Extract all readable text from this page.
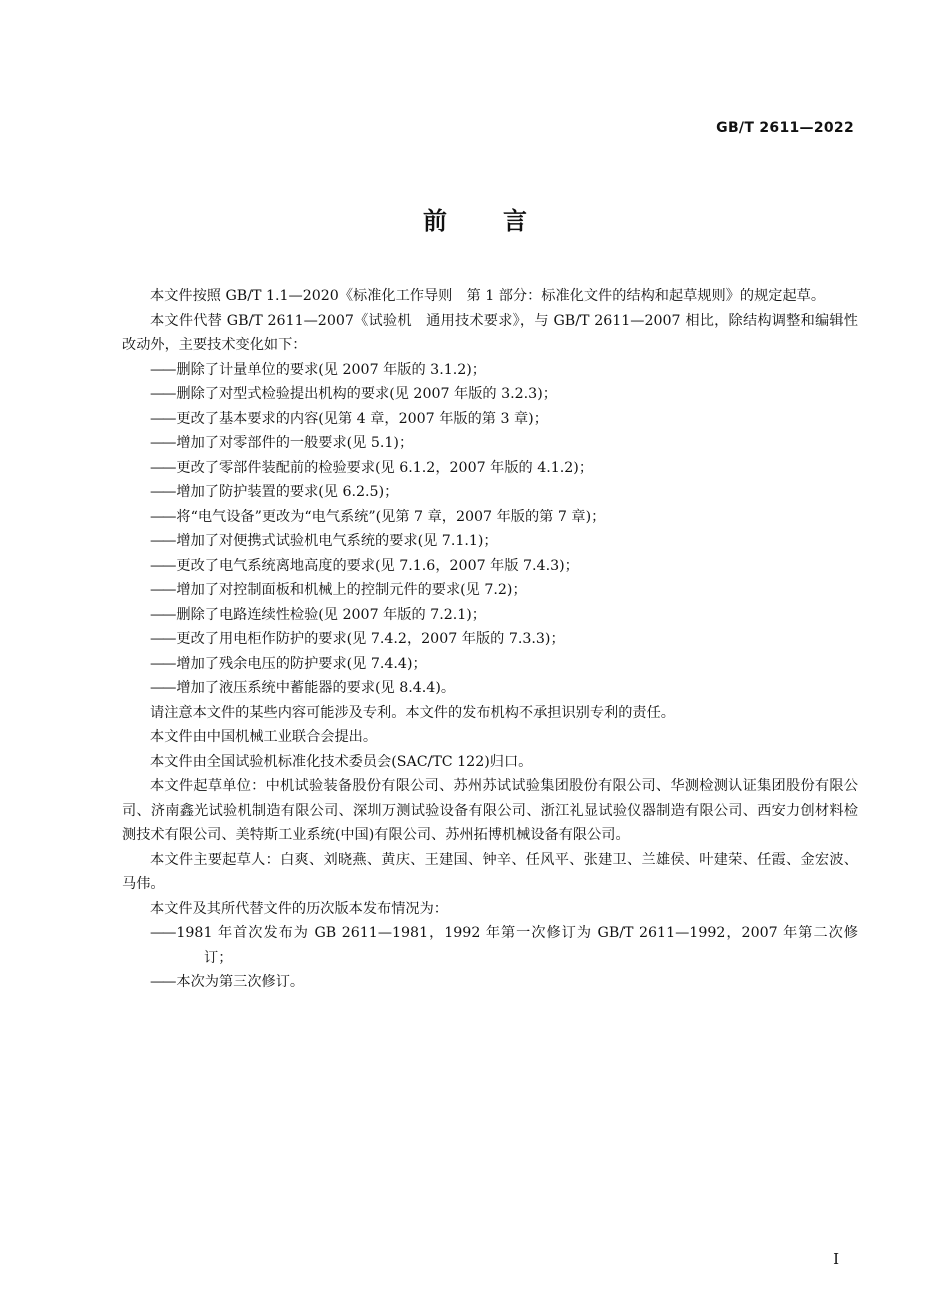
GB/T 2611—2022
前言

本文件按照 GB/T 1.1—2020《标准化工作导则　第 1 部分：标准化文件的结构和起草规则》的规定起草。

本文件代替 GB/T 2611—2007《试验机　通用技术要求》，与 GB/T 2611—2007 相比，除结构调整和编辑性改动外，主要技术变化如下：

—— 删除了计量单位的要求(见 2007 年版的 3.1.2)；
—— 删除了对型式检验提出机构的要求(见 2007 年版的 3.2.3)；
—— 更改了基本要求的内容(见第 4 章，2007 年版的第 3 章)；
—— 增加了对零部件的一般要求(见 5.1)；
—— 更改了零部件装配前的检验要求(见 6.1.2，2007 年版的 4.1.2)；
—— 增加了防护装置的要求(见 6.2.5)；
—— 将“电气设备”更改为“电气系统”(见第 7 章，2007 年版的第 7 章)；
—— 增加了对便携式试验机电气系统的要求(见 7.1.1)；
—— 更改了电气系统离地高度的要求(见 7.1.6，2007 年版 7.4.3)；
—— 增加了对控制面板和机械上的控制元件的要求(见 7.2)；
—— 删除了电路连续性检验(见 2007 年版的 7.2.1)；
—— 更改了用电柜作防护的要求(见 7.4.2，2007 年版的 7.3.3)；
—— 增加了残余电压的防护要求(见 7.4.4)；
—— 增加了液压系统中蓄能器的要求(见 8.4.4)。

请注意本文件的某些内容可能涉及专利。本文件的发布机构不承担识别专利的责任。

本文件由中国机械工业联合会提出。

本文件由全国试验机标准化技术委员会(SAC/TC 122)归口。

本文件起草单位：中机试验装备股份有限公司、苏州苏试试验集团股份有限公司、华测检测认证集团股份有限公司、济南鑫光试验机制造有限公司、深圳万测试验设备有限公司、浙江礼显试验仪器制造有限公司、西安力创材料检测技术有限公司、美特斯工业系统(中国)有限公司、苏州拓博机械设备有限公司。

本文件主要起草人：白爽、刘晓燕、黄庆、王建国、钟辛、任风平、张建卫、兰雄侯、叶建荣、任霞、金宏波、马伟。

本文件及其所代替文件的历次版本发布情况为：

—— 1981 年首次发布为 GB 2611—1981，1992 年第一次修订为 GB/T 2611—1992，2007 年第二次修订；
—— 本次为第三次修订。
I
